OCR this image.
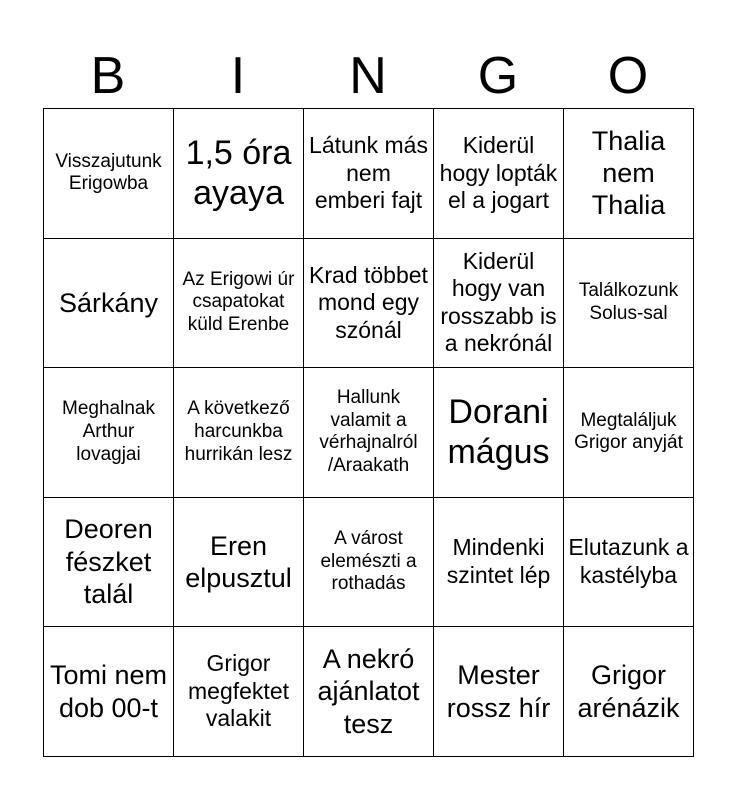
B	I	N	G	O
Visszajutunk Erigowba	1,5 óra ayaya	Látunk más nem emberi fajt	Kiderül hogy lopták el a jogart	Thalia nem Thalia
Sárkány	Az Erigowi úr csapatokat küld Erenbe	Krad többet mond egy szónál	Kiderül hogy van rosszabb is a nekrónál	Találkozunk Solus-sal
Meghalnak Arthur lovagjai	A következő harcunkba hurrikán lesz	Hallunk valamit a vérhajnalról /Araakath	Dorani mágus	Megtaláljuk Grigor anyját
Deoren fészket talál	Eren elpusztul	A várost elemészti a rothadás	Mindenki szintet lép	Elutazunk a kastélyba
Tomi nem dob 00-t	Grigor megfektet valakit	A nekró ajánlatot tesz	Mester rossz hír	Grigor arénázik
